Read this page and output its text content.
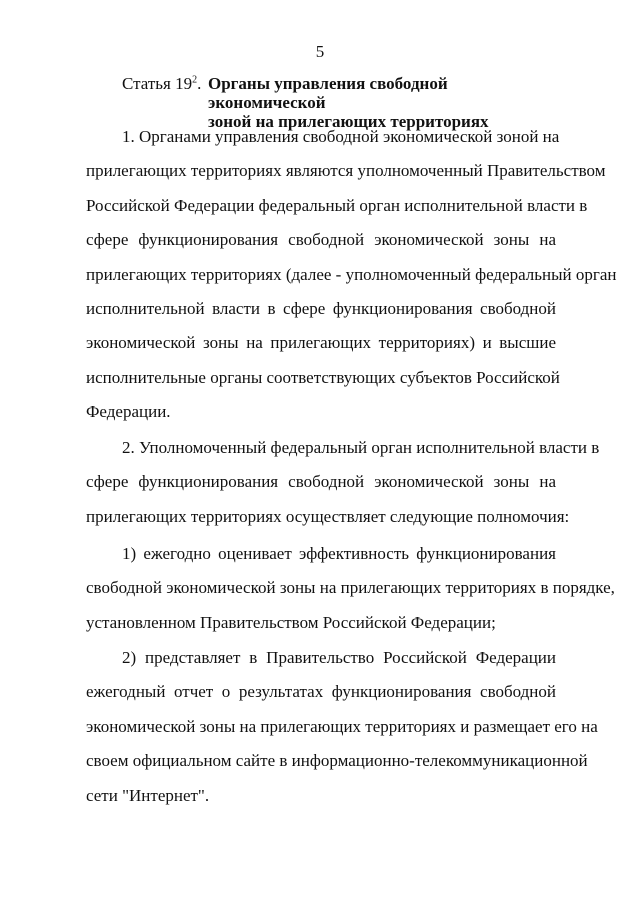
5
Статья $19^2$. Органы управления свободной экономической
зоной на прилегающих территориях
1. Органами управления свободной экономической зоной на
прилегающих территориях являются уполномоченный Правительством
Российской Федерации федеральный орган исполнительной власти в
сфере функционирования свободной экономической зоны на
прилегающих территориях (далее - уполномоченный федеральный орган
исполнительной власти в сфере функционирования свободной
экономической зоны на прилегающих территориях) и высшие
исполнительные органы соответствующих субъектов Российской
Федерации.
2. Уполномоченный федеральный орган исполнительной власти в
сфере функционирования свободной экономической зоны на
прилегающих территориях осуществляет следующие полномочия:
1) ежегодно оценивает эффективность функционирования
свободной экономической зоны на прилегающих территориях в порядке,
установленном Правительством Российской Федерации;
2) представляет в Правительство Российской Федерации
ежегодный отчет о результатах функционирования свободной
экономической зоны на прилегающих территориях и размещает его на
своем официальном сайте в информационно-телекоммуникационной
сети "Интернет".
